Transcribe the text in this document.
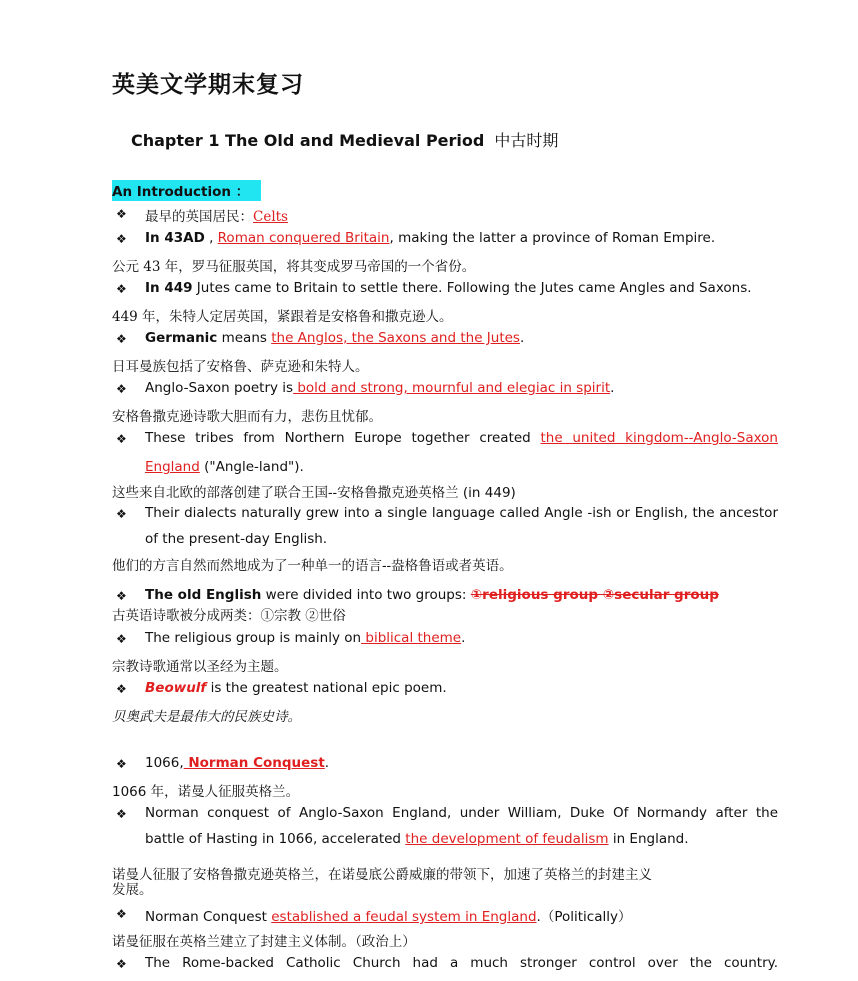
英美文学期末复习
Chapter 1 The Old and Medieval Period 中古时期
An Introduction ：
❖ 最早的英国居民：Celts
❖ In 43AD , Roman conquered Britain, making the latter a province of Roman Empire.
公元 43 年，罗马征服英国，将其变成罗马帝国的一个省份。
❖ In 449 Jutes came to Britain to settle there. Following the Jutes came Angles and Saxons.
449 年，朱特人定居英国，紧跟着是安格鲁和撒克逊人。
❖ Germanic means the Anglos, the Saxons and the Jutes.
日耳曼族包括了安格鲁、萨克逊和朱特人。
❖ Anglo-Saxon poetry is bold and strong, mournful and elegiac in spirit.
安格鲁撒克逊诗歌大胆而有力，悲伤且忧郁。
❖ These tribes from Northern Europe together created the united kingdom--Anglo-Saxon
England ("Angle-land").
这些来自北欧的部落创建了联合王国--安格鲁撒克逊英格兰 (in 449)
❖ Their dialects naturally grew into a single language called Angle -ish or English, the ancestor
of the present-day English.
他们的方言自然而然地成为了一种单一的语言--盎格鲁语或者英语。
❖ The old English were divided into two groups: ①religious group ②secular group
古英语诗歌被分成两类：①宗教 ②世俗
❖ The religious group is mainly on biblical theme.
宗教诗歌通常以圣经为主题。
❖ Beowulf is the greatest national epic poem.
贝奥武夫是最伟大的民族史诗。
❖ 1066, Norman Conquest.
1066 年，诺曼人征服英格兰。
❖ Norman conquest of Anglo-Saxon England, under William, Duke Of Normandy after the
battle of Hasting in 1066, accelerated the development of feudalism in England.
诺曼人征服了安格鲁撒克逊英格兰，在诺曼底公爵威廉的带领下，加速了英格兰的封建主义
发展。
❖ Norman Conquest established a feudal system in England.（Politically）
诺曼征服在英格兰建立了封建主义体制。（政治上）
❖ The Rome-backed Catholic Church had a much stronger control over the country.
